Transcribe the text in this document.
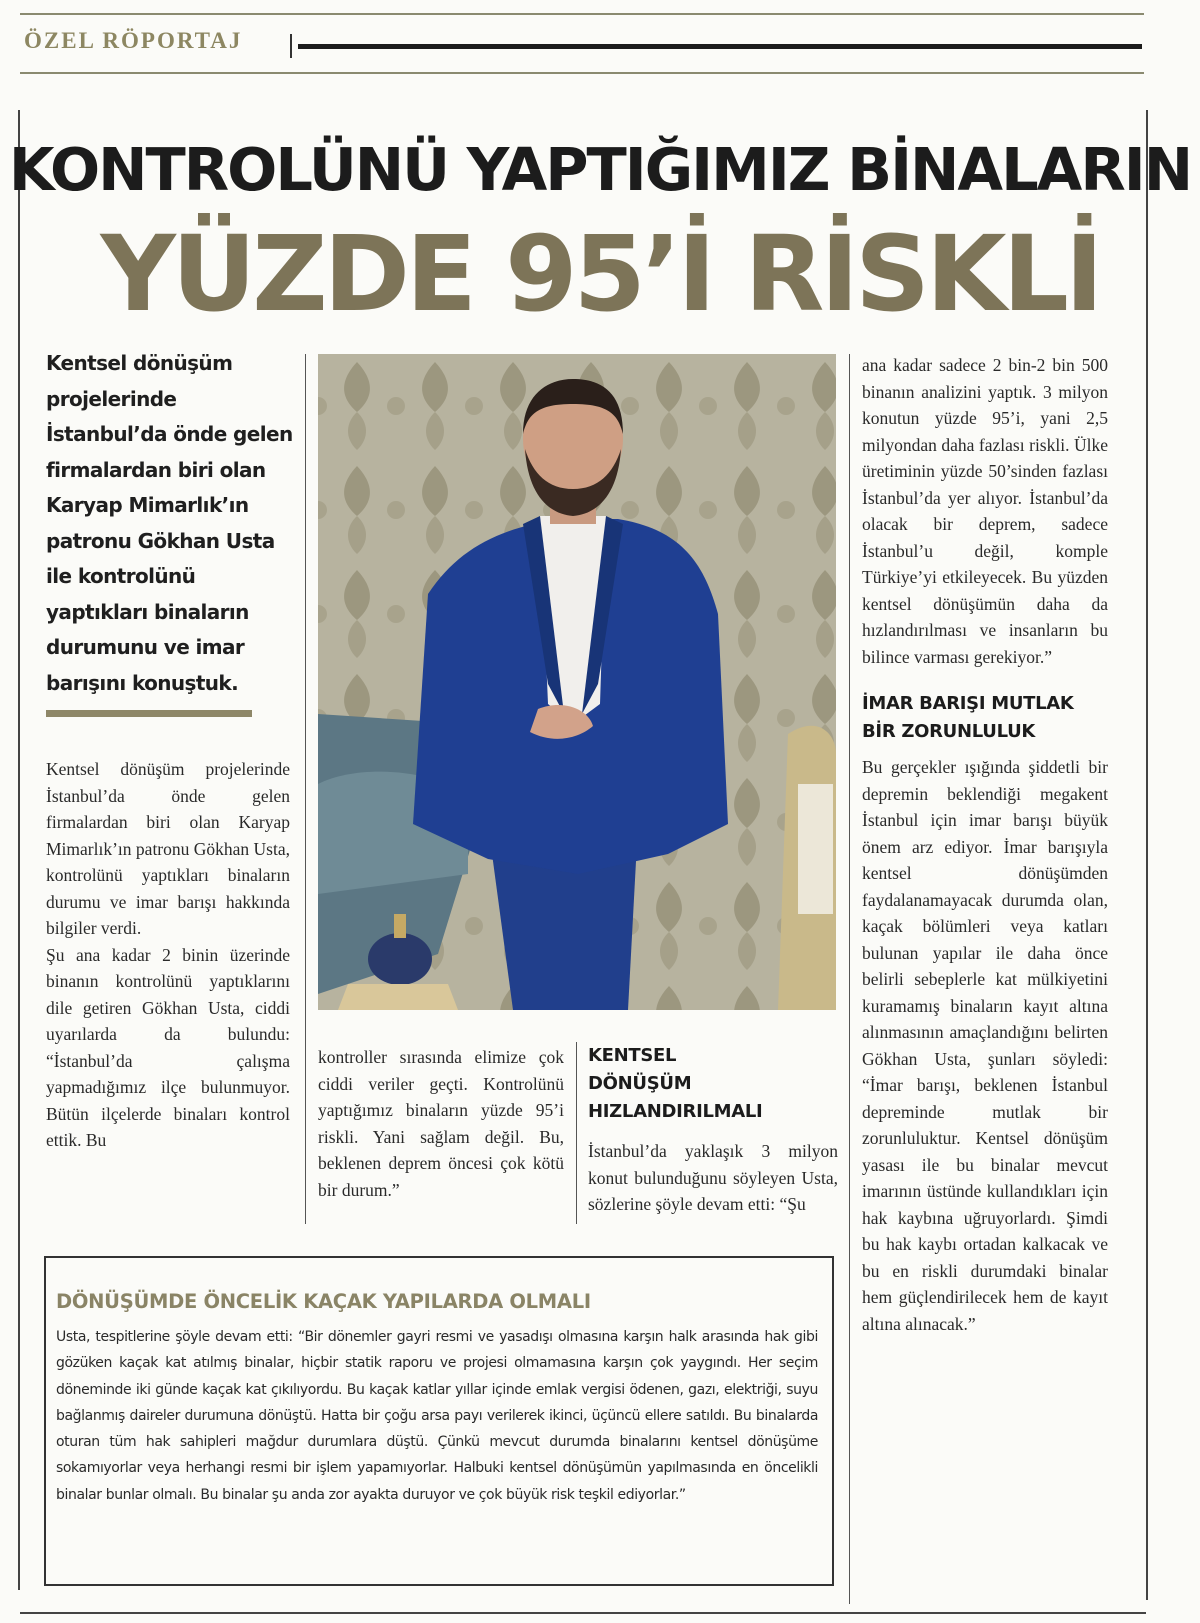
ÖZEL RÖPORTAJ
KONTROLÜNÜ YAPTIĞIMIZ BİNALARIN
YÜZDE 95’İ RİSKLİ
Kentsel dönüşüm projelerinde İstanbul’da önde gelen firmalardan biri olan Karyap Mimarlık’ın patronu Gökhan Usta ile kontrolünü yaptıkları binaların durumunu ve imar barışını konuştuk.

Kentsel dönüşüm projelerinde İstanbul’da önde gelen firmalardan biri olan Karyap Mimarlık’ın patronu Gökhan Usta, kontrolünü yaptıkları binaların durumu ve imar barışı hakkında bilgiler verdi.

Şu ana kadar 2 binin üzerinde binanın kontrolünü yaptıklarını dile getiren Gökhan Usta, ciddi uyarılarda da bulundu: “İstanbul’da çalışma yapmadığımız ilçe bulunmuyor. Bütün ilçelerde binaları kontrol ettik. Bu

kontroller sırasında elimize çok ciddi veriler geçti. Kontrolünü yaptığımız binaların yüzde 95’i riskli. Yani sağlam değil. Bu, beklenen deprem öncesi çok kötü bir durum.”

KENTSEL DÖNÜŞÜM HIZLANDIRILMALI

İstanbul’da yaklaşık 3 milyon konut bulunduğunu söyleyen Usta, sözlerine şöyle devam etti: “Şu

ana kadar sadece 2 bin-2 bin 500 binanın analizini yaptık. 3 milyon konutun yüzde 95’i, yani 2,5 milyondan daha fazlası riskli. Ülke üretiminin yüzde 50’sinden fazlası İstanbul’da yer alıyor. İstanbul’da olacak bir deprem, sadece İstanbul’u değil, komple Türkiye’yi etkileyecek. Bu yüzden kentsel dönüşümün daha da hızlandırılması ve insanların bu bilince varması gerekiyor.”

İMAR BARIŞI MUTLAK BİR ZORUNLULUK

Bu gerçekler ışığında şiddetli bir depremin beklendiği megakent İstanbul için imar barışı büyük önem arz ediyor. İmar barışıyla kentsel dönüşümden faydalanamayacak durumda olan, kaçak bölümleri veya katları bulunan yapılar ile daha önce belirli sebeplerle kat mülkiyetini kuramamış binaların kayıt altına alınmasının amaçlandığını belirten Gökhan Usta, şunları söyledi: “İmar barışı, beklenen İstanbul depreminde mutlak bir zorunluluktur. Kentsel dönüşüm yasası ile bu binalar mevcut imarının üstünde kullandıkları için hak kaybına uğruyorlardı. Şimdi bu hak kaybı ortadan kalkacak ve bu en riskli durumdaki binalar hem güçlendirilecek hem de kayıt altına alınacak.”

DÖNÜŞÜMDE ÖNCELİK KAÇAK YAPILARDA OLMALI
Usta, tespitlerine şöyle devam etti: “Bir dönemler gayri resmi ve yasadışı olmasına karşın halk arasında hak gibi gözüken kaçak kat atılmış binalar, hiçbir statik raporu ve projesi olmamasına karşın çok yaygındı. Her seçim döneminde iki günde kaçak kat çıkılıyordu. Bu kaçak katlar yıllar içinde emlak vergisi ödenen, gazı, elektriği, suyu bağlanmış daireler durumuna dönüştü. Hatta bir çoğu arsa payı verilerek ikinci, üçüncü ellere satıldı. Bu binalarda oturan tüm hak sahipleri mağdur durumlara düştü. Çünkü mevcut durumda binalarını kentsel dönüşüme sokamıyorlar veya herhangi resmi bir işlem yapamıyorlar. Halbuki kentsel dönüşümün yapılmasında en öncelikli binalar bunlar olmalı. Bu binalar şu anda zor ayakta duruyor ve çok büyük risk teşkil ediyorlar.”
